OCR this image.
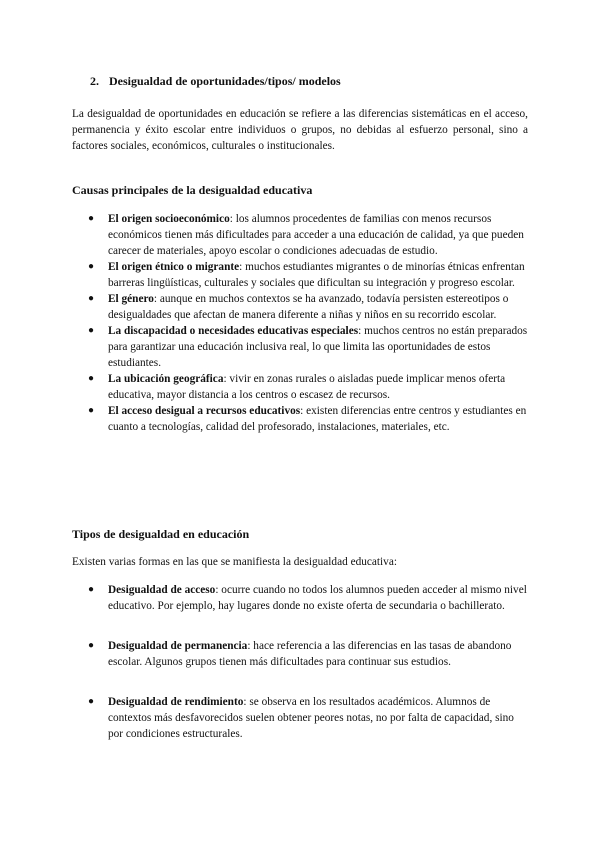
2. Desigualdad de oportunidades/tipos/ modelos
La desigualdad de oportunidades en educación se refiere a las diferencias sistemáticas en el acceso, permanencia y éxito escolar entre individuos o grupos, no debidas al esfuerzo personal, sino a factores sociales, económicos, culturales o institucionales.
Causas principales de la desigualdad educativa
● El origen socioeconómico: los alumnos procedentes de familias con menos recursos económicos tienen más dificultades para acceder a una educación de calidad, ya que pueden carecer de materiales, apoyo escolar o condiciones adecuadas de estudio.
● El origen étnico o migrante: muchos estudiantes migrantes o de minorías étnicas enfrentan barreras lingüísticas, culturales y sociales que dificultan su integración y progreso escolar.
● El género: aunque en muchos contextos se ha avanzado, todavía persisten estereotipos o desigualdades que afectan de manera diferente a niñas y niños en su recorrido escolar.
● La discapacidad o necesidades educativas especiales: muchos centros no están preparados para garantizar una educación inclusiva real, lo que limita las oportunidades de estos estudiantes.
● La ubicación geográfica: vivir en zonas rurales o aisladas puede implicar menos oferta educativa, mayor distancia a los centros o escasez de recursos.
● El acceso desigual a recursos educativos: existen diferencias entre centros y estudiantes en cuanto a tecnologías, calidad del profesorado, instalaciones, materiales, etc.
Tipos de desigualdad en educación
Existen varias formas en las que se manifiesta la desigualdad educativa:
● Desigualdad de acceso: ocurre cuando no todos los alumnos pueden acceder al mismo nivel educativo. Por ejemplo, hay lugares donde no existe oferta de secundaria o bachillerato.
● Desigualdad de permanencia: hace referencia a las diferencias en las tasas de abandono escolar. Algunos grupos tienen más dificultades para continuar sus estudios.
● Desigualdad de rendimiento: se observa en los resultados académicos. Alumnos de contextos más desfavorecidos suelen obtener peores notas, no por falta de capacidad, sino por condiciones estructurales.
